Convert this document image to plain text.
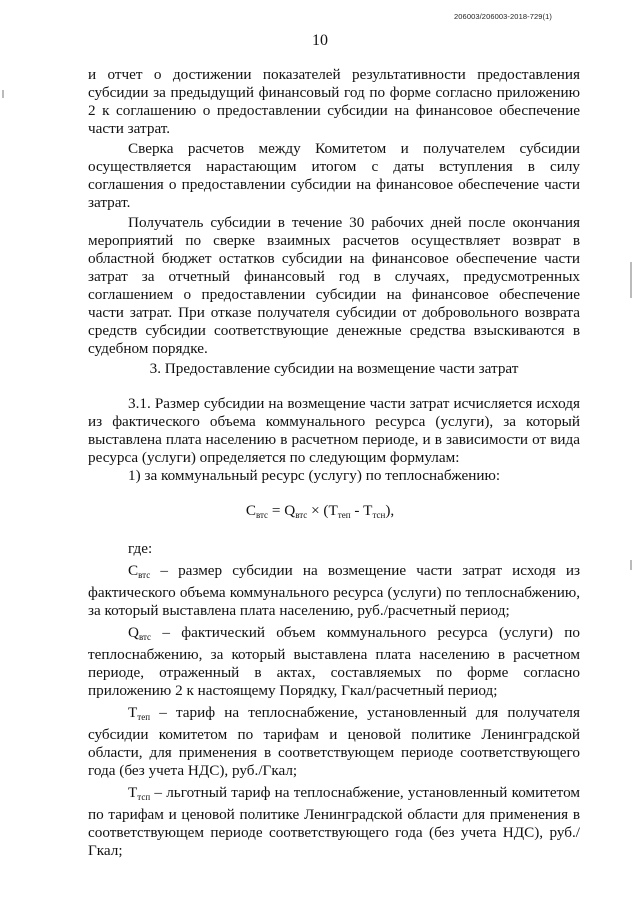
206003/206003-2018-729(1)
10

и отчет о достижении показателей результативности предоставления субсидии за предыдущий финансовый год по форме согласно приложению 2 к соглашению о предоставлении субсидии на финансовое обеспечение части затрат.

Сверка расчетов между Комитетом и получателем субсидии осуществляется нарастающим итогом с даты вступления в силу соглашения о предоставлении субсидии на финансовое обеспечение части затрат.

Получатель субсидии в течение 30 рабочих дней после окончания мероприятий по сверке взаимных расчетов осуществляет возврат в областной бюджет остатков субсидии на финансовое обеспечение части затрат за отчетный финансовый год в случаях, предусмотренных соглашением о предоставлении субсидии на финансовое обеспечение части затрат. При отказе получателя субсидии от добровольного возврата средств субсидии соответствующие денежные средства взыскиваются в судебном порядке.

3. Предоставление субсидии на возмещение части затрат

3.1. Размер субсидии на возмещение части затрат исчисляется исходя из фактического объема коммунального ресурса (услуги), за который выставлена плата населению в расчетном периоде, и в зависимости от вида ресурса (услуги) определяется по следующим формулам:

1) за коммунальный ресурс (услугу) по теплоснабжению:

$С_{втс} = Q_{втс} \times (Т_{теп} - Т_{тсн})$,

где:

$С_{втс}$ – размер субсидии на возмещение части затрат исходя из фактического объема коммунального ресурса (услуги) по теплоснабжению, за который выставлена плата населению, руб./расчетный период;

$Q_{втс}$ – фактический объем коммунального ресурса (услуги) по теплоснабжению, за который выставлена плата населению в расчетном периоде, отраженный в актах, составляемых по форме согласно приложению 2 к настоящему Порядку, Гкал/расчетный период;

$Т_{теп}$ – тариф на теплоснабжение, установленный для получателя субсидии комитетом по тарифам и ценовой политике Ленинградской области, для применения в соответствующем периоде соответствующего года (без учета НДС), руб./Гкал;

$Т_{тсп}$ – льготный тариф на теплоснабжение, установленный комитетом по тарифам и ценовой политике Ленинградской области для применения в соответствующем периоде соответствующего года (без учета НДС), руб./Гкал;
